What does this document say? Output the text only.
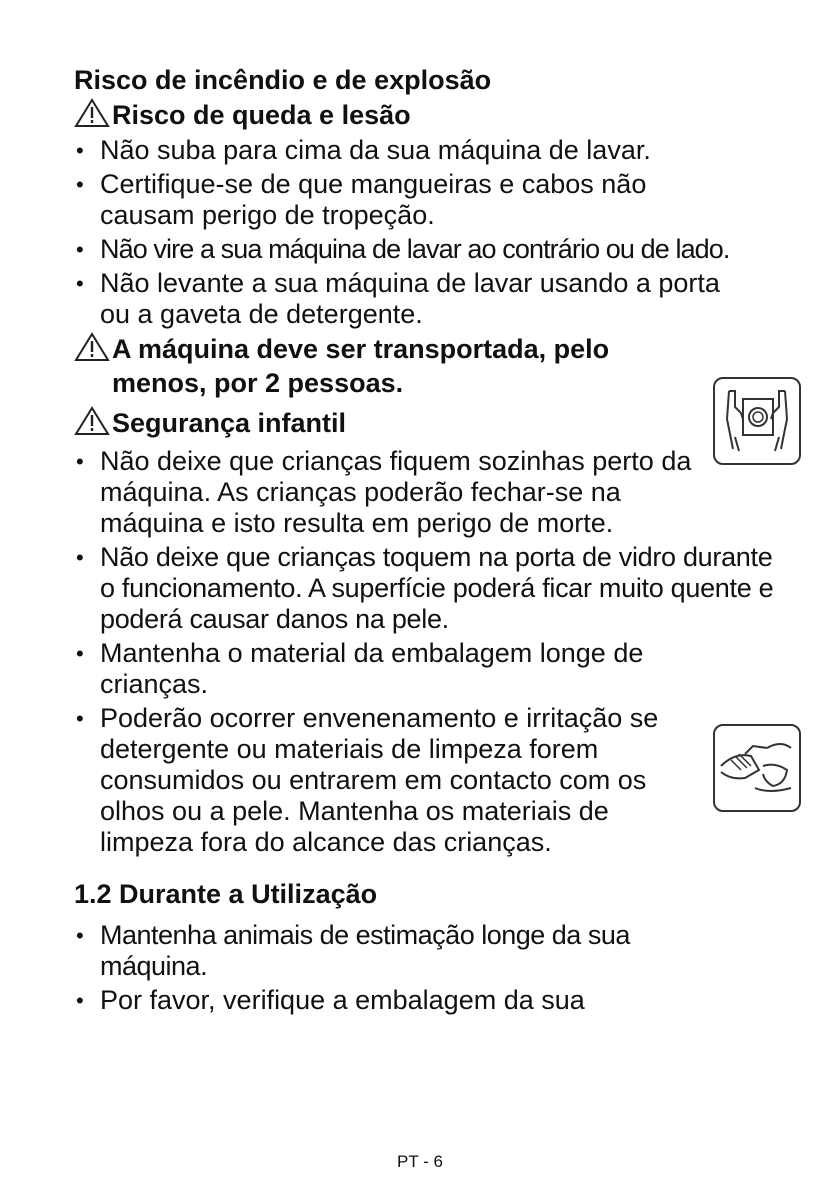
Risco de incêndio e de explosão

Risco de queda e lesão

• Não suba para cima da sua máquina de lavar.
• Certifique-se de que mangueiras e cabos não causam perigo de tropeção.
• Não vire a sua máquina de lavar ao contrário ou de lado.
• Não levante a sua máquina de lavar usando a porta ou a gaveta de detergente.

A máquina deve ser transportada, pelo menos, por 2 pessoas.

Segurança infantil

• Não deixe que crianças fiquem sozinhas perto da máquina. As crianças poderão fechar-se na máquina e isto resulta em perigo de morte.
• Não deixe que crianças toquem na porta de vidro durante o funcionamento. A superfície poderá ficar muito quente e poderá causar danos na pele.
• Mantenha o material da embalagem longe de crianças.
• Poderão ocorrer envenenamento e irritação se detergente ou materiais de limpeza forem consumidos ou entrarem em contacto com os olhos ou a pele. Mantenha os materiais de limpeza fora do alcance das crianças.

1.2 Durante a Utilização

• Mantenha animais de estimação longe da sua máquina.
• Por favor, verifique a embalagem da sua
PT - 6
